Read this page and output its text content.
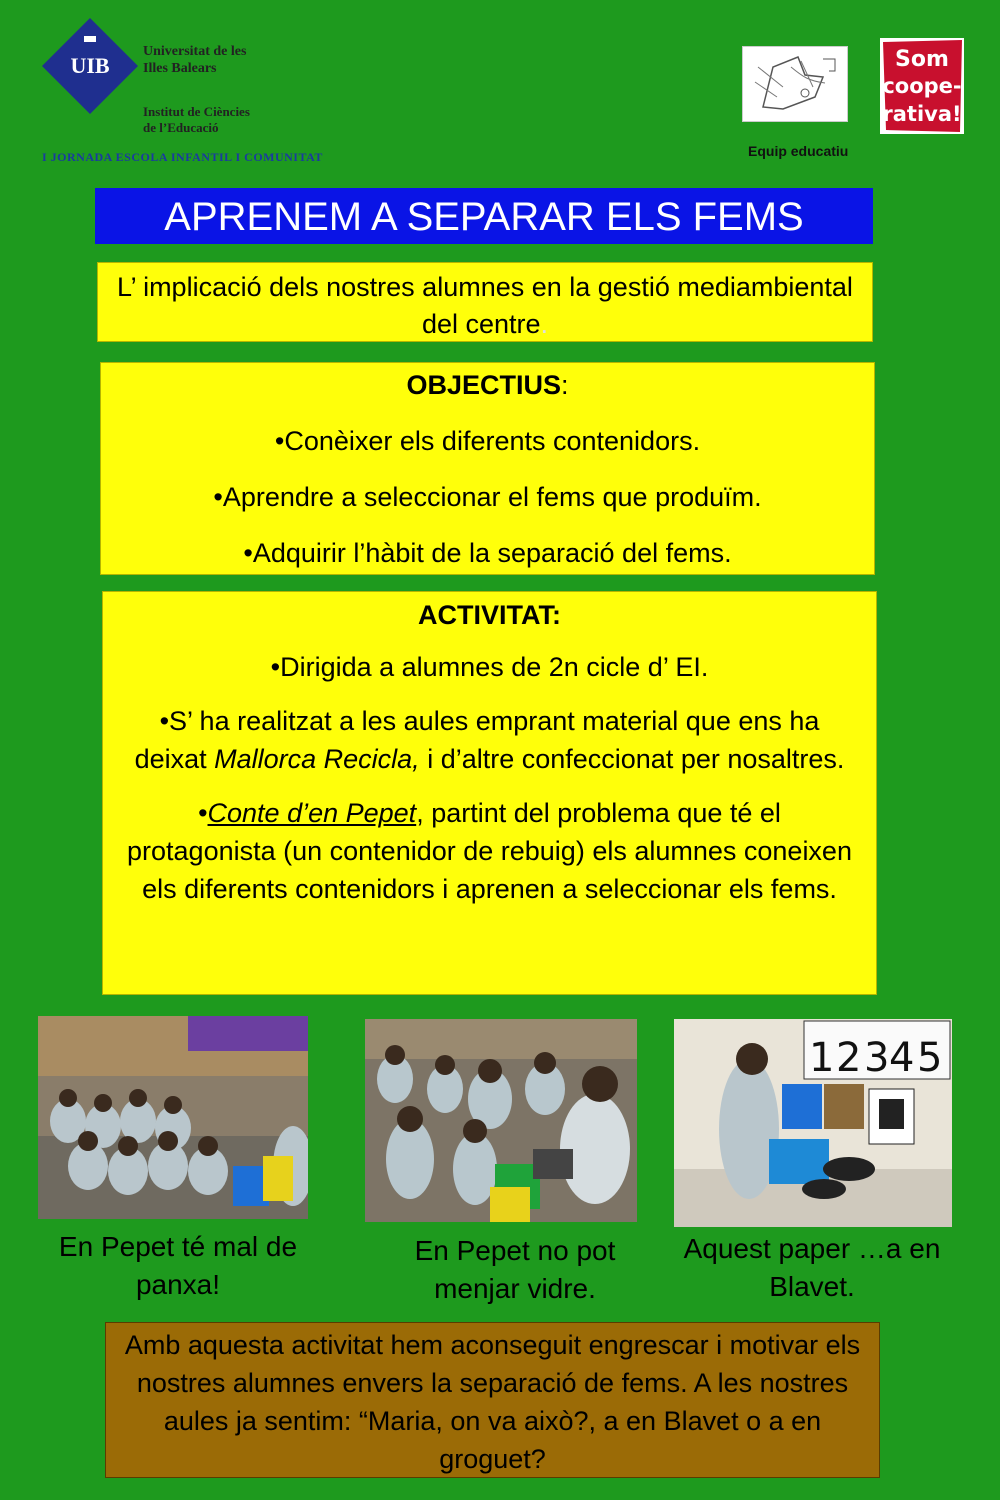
UIB
Universitat de les
Illes Balears
Institut de Ciències
de l’Educació
I JORNADA ESCOLA INFANTIL I COMUNITAT
Som
coope-
rativa!
Equip educatiu
APRENEM A SEPARAR ELS FEMS
L’ implicació dels nostres alumnes en la gestió mediambiental del centre.
OBJECTIUS:
•Conèixer els diferents contenidors.
•Aprendre a seleccionar el fems que produïm.
•Adquirir l’hàbit de la separació del fems.
ACTIVITAT:

•Dirigida a alumnes de 2n cicle d’ EI.

•S’ ha realitzat a les aules emprant material que ens ha deixat Mallorca Recicla, i d’altre confeccionat per nosaltres.

•Conte d’en Pepet, partint del problema que té el protagonista (un contenidor de rebuig) els alumnes coneixen els diferents contenidors i aprenen a seleccionar els fems.

1 2 3 4 5
En Pepet té mal de panxa!
En Pepet no pot menjar vidre.
Aquest paper …a en Blavet.
Amb aquesta activitat hem aconseguit engrescar i motivar els nostres alumnes envers la separació de fems. A les nostres aules ja sentim: “Maria, on va això?, a en Blavet o a en groguet?
